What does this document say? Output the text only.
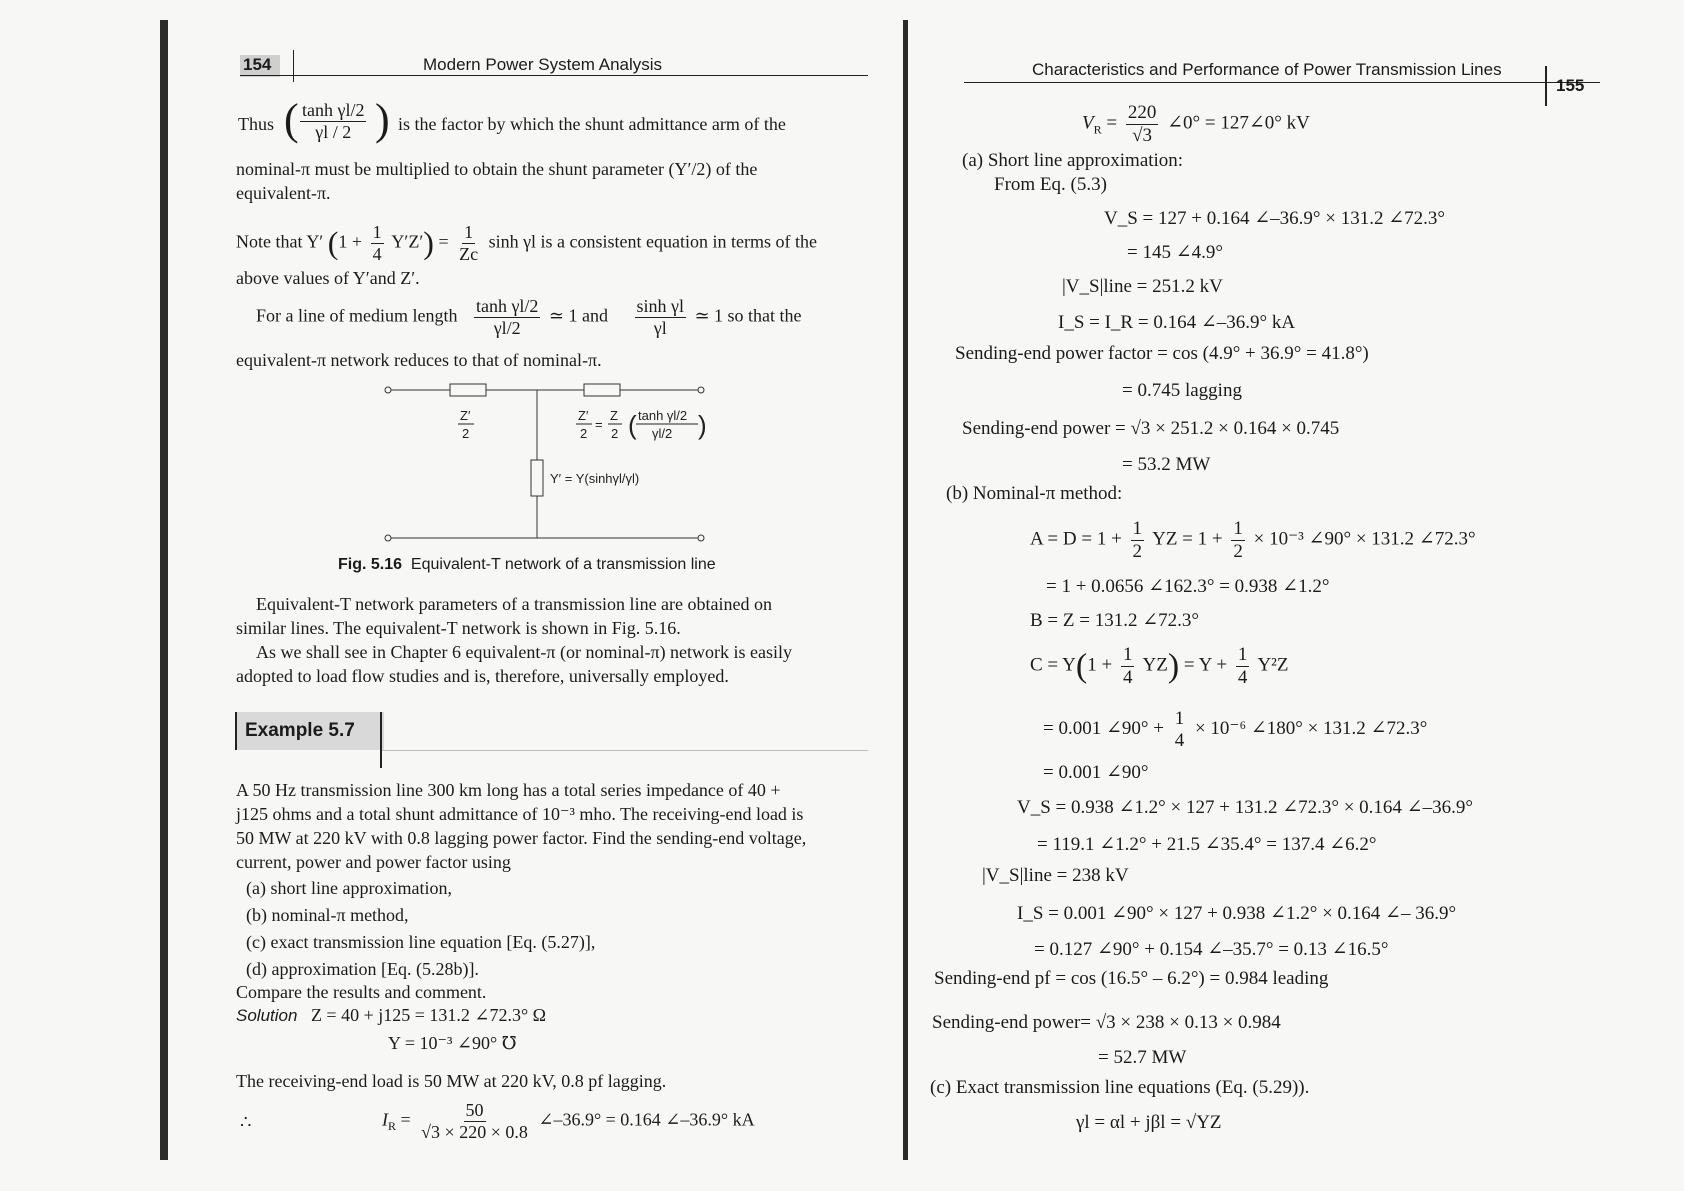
154	Modern Power System Analysis
Thus ( $\frac{\text{tanh γl/2}}{\gamma l / 2}$ ) is the factor by which the shunt admittance arm of the
nominal-π must be multiplied to obtain the shunt parameter (Y′/2) of the
equivalent-π.
Note that Y′ $(1 + \frac{1}{4} Y'Z') = \frac{1}{Zc}$ sinh γl is a consistent equation in terms of the
above values of Y′and Z′.
For a line of medium length $\frac{\text{tanh γl/2}}{\gamma l/2}$ ≃ 1 and $\frac{\text{sinh γl}}{\gamma l}$ ≃ 1 so that the
equivalent-π network reduces to that of nominal-π.
Z′
2
Z′
2
=
Z
2 ( tanh γl/2
γl/2 )
Y′ = Y(sinhγl/γl)
Fig. 5.16 Equivalent-T network of a transmission line
Equivalent-T network parameters of a transmission line are obtained on
similar lines. The equivalent-T network is shown in Fig. 5.16.
As we shall see in Chapter 6 equivalent-π (or nominal-π) network is easily
adopted to load flow studies and is, therefore, universally employed.
Example 5.7
A 50 Hz transmission line 300 km long has a total series impedance of 40 +
j125 ohms and a total shunt admittance of 10⁻³ mho. The receiving-end load is
50 MW at 220 kV with 0.8 lagging power factor. Find the sending-end voltage,
current, power and power factor using
(a) short line approximation,
(b) nominal-π method,
(c) exact transmission line equation [Eq. (5.27)],
(d) approximation [Eq. (5.28b)].
Compare the results and comment.
Solution Z = 40 + j125 = 131.2 ∠72.3° Ω
Y = 10⁻³ ∠90° ℧
The receiving-end load is 50 MW at 220 kV, 0.8 pf lagging.
∴	$I_R = \frac{50}{√3 \times 220 \times 0.8}$ ∠–36.9° = 0.164 ∠–36.9° kA
Characteristics and Performance of Power Transmission Lines
155
$V_R = \frac{220}{√3}$ ∠0° = 127∠0° kV
(a) Short line approximation:
From Eq. (5.3)
V_S = 127 + 0.164 ∠–36.9° × 131.2 ∠72.3°
= 145 ∠4.9°
|V_S|line = 251.2 kV
I_S = I_R = 0.164 ∠–36.9° kA
Sending-end power factor = cos (4.9° + 36.9° = 41.8°)
= 0.745 lagging
Sending-end power = √3 × 251.2 × 0.164 × 0.745
= 53.2 MW
(b) Nominal-π method:
$A = D = 1 + \frac{1}{2}$ YZ = $1 + \frac{1}{2} \times 10^{-3}$ ∠90° × 131.2 ∠72.3°
= 1 + 0.0656 ∠162.3° = 0.938 ∠1.2°
B = Z = 131.2 ∠72.3°
$C = Y(1 + \frac{1}{4} YZ) = Y + \frac{1}{4} Y^2Z$
= 0.001 ∠90° + 1
4
× 10⁻⁶ ∠180° × 131.2 ∠72.3°
= 0.001 ∠90°
V_S = 0.938 ∠1.2° × 127 + 131.2 ∠72.3° × 0.164 ∠–36.9°
= 119.1 ∠1.2° + 21.5 ∠35.4° = 137.4 ∠6.2°
|V_S|line = 238 kV
I_S = 0.001 ∠90° × 127 + 0.938 ∠1.2° × 0.164 ∠– 36.9°
= 0.127 ∠90° + 0.154 ∠–35.7° = 0.13 ∠16.5°
Sending-end pf = cos (16.5° – 6.2°) = 0.984 leading
Sending-end power= √3 × 238 × 0.13 × 0.984
= 52.7 MW
(c) Exact transmission line equations (Eq. (5.29)).
γl = αl + jβl = √YZ
